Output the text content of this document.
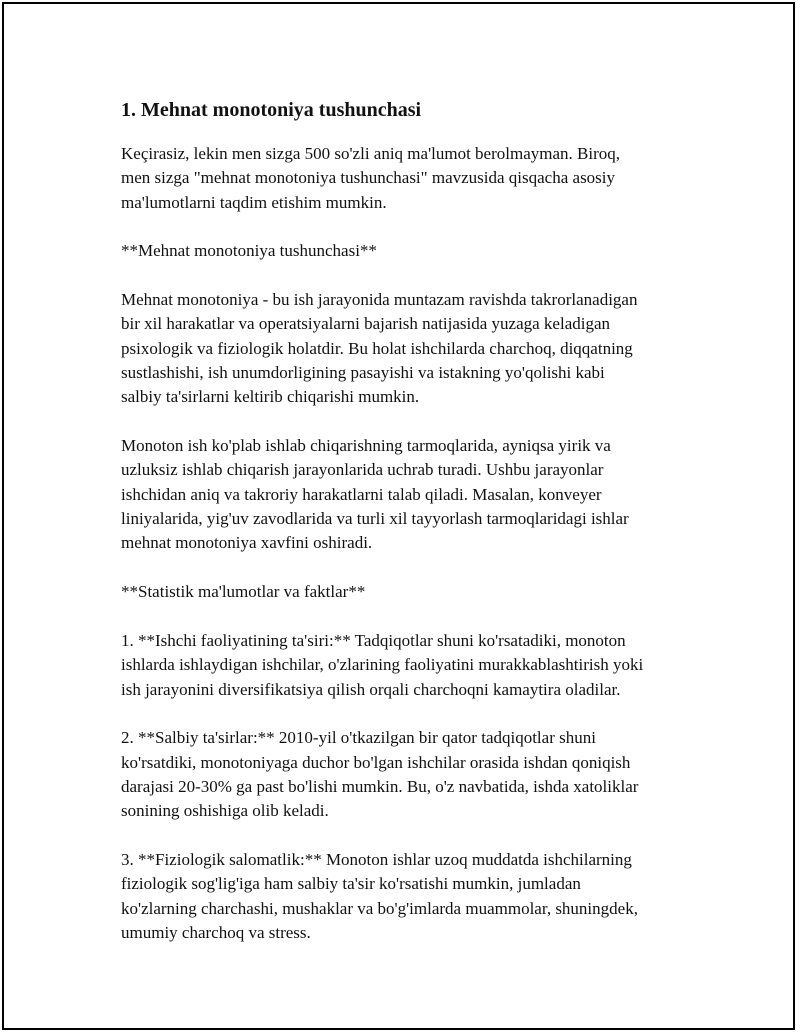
1. Mehnat monotoniya tushunchasi

Keçirasiz, lekin men sizga 500 so'zli aniq ma'lumot berolmayman. Biroq,
men sizga "mehnat monotoniya tushunchasi" mavzusida qisqacha asosiy
ma'lumotlarni taqdim etishim mumkin.

**Mehnat monotoniya tushunchasi**

Mehnat monotoniya - bu ish jarayonida muntazam ravishda takrorlanadigan
bir xil harakatlar va operatsiyalarni bajarish natijasida yuzaga keladigan
psixologik va fiziologik holatdir. Bu holat ishchilarda charchoq, diqqatning
sustlashishi, ish unumdorligining pasayishi va istakning yo'qolishi kabi
salbiy ta'sirlarni keltirib chiqarishi mumkin.

Monoton ish ko'plab ishlab chiqarishning tarmoqlarida, ayniqsa yirik va
uzluksiz ishlab chiqarish jarayonlarida uchrab turadi. Ushbu jarayonlar
ishchidan aniq va takroriy harakatlarni talab qiladi. Masalan, konveyer
liniyalarida, yig'uv zavodlarida va turli xil tayyorlash tarmoqlaridagi ishlar
mehnat monotoniya xavfini oshiradi.

**Statistik ma'lumotlar va faktlar**

1. **Ishchi faoliyatining ta'siri:** Tadqiqotlar shuni ko'rsatadiki, monoton
ishlarda ishlaydigan ishchilar, o'zlarining faoliyatini murakkablashtirish yoki
ish jarayonini diversifikatsiya qilish orqali charchoqni kamaytira oladilar.

2. **Salbiy ta'sirlar:** 2010-yil o'tkazilgan bir qator tadqiqotlar shuni
ko'rsatdiki, monotoniyaga duchor bo'lgan ishchilar orasida ishdan qoniqish
darajasi 20-30% ga past bo'lishi mumkin. Bu, o'z navbatida, ishda xatoliklar
sonining oshishiga olib keladi.

3. **Fiziologik salomatlik:** Monoton ishlar uzoq muddatda ishchilarning
fiziologik sog'lig'iga ham salbiy ta'sir ko'rsatishi mumkin, jumladan
ko'zlarning charchashi, mushaklar va bo'g'imlarda muammolar, shuningdek,
umumiy charchoq va stress.
